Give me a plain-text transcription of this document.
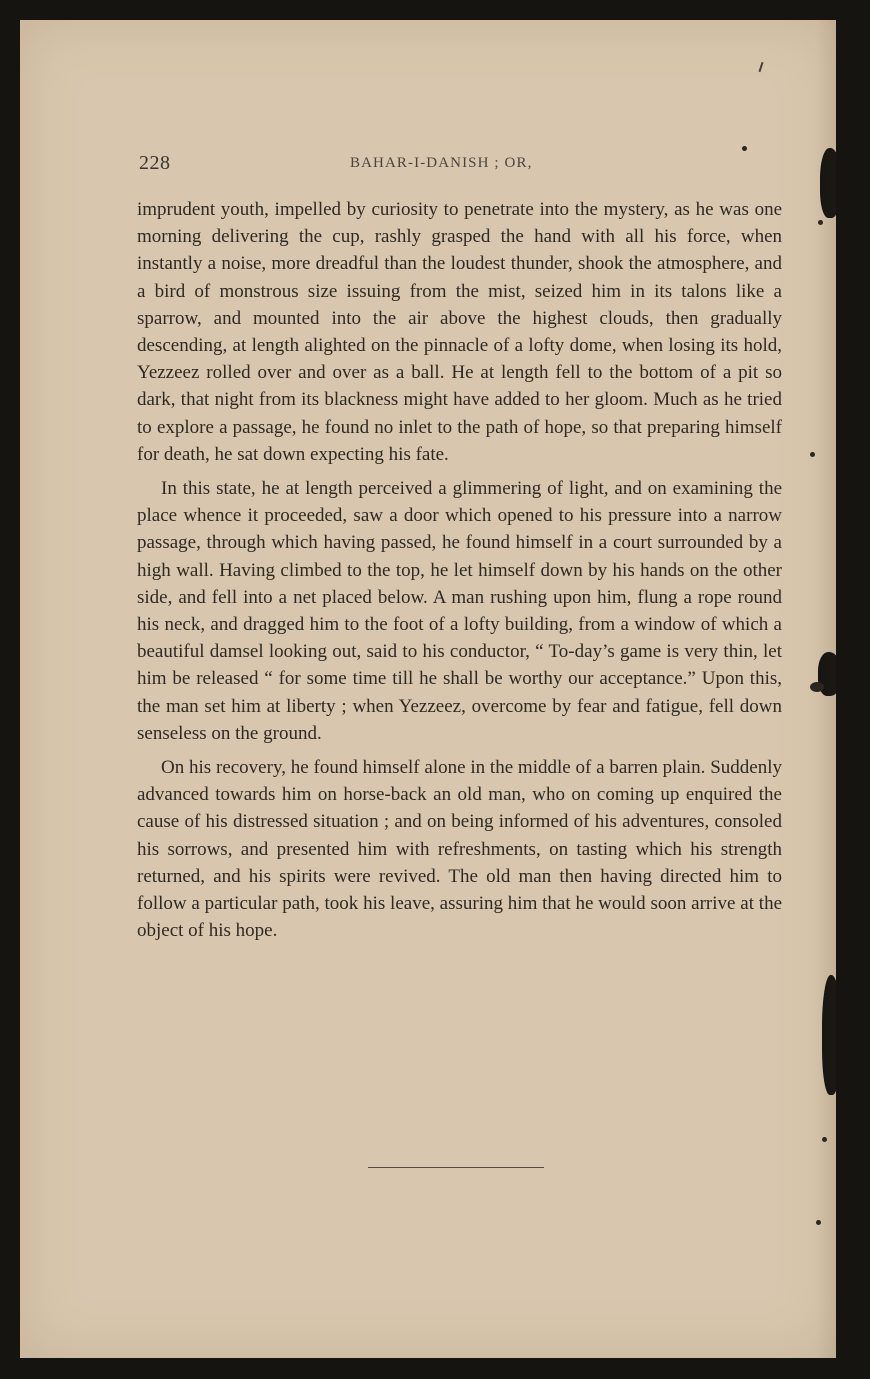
228	BAHAR-I-DANISH ; OR,

imprudent youth, impelled by curiosity to penetrate into the mystery, as he was one morning delivering the cup, rashly grasped the hand with all his force, when instantly a noise, more dreadful than the loudest thunder, shook the atmosphere, and a bird of monstrous size issuing from the mist, seized him in its talons like a sparrow, and mounted into the air above the highest clouds, then gradually descending, at length alighted on the pinnacle of a lofty dome, when losing its hold, Yezzeez rolled over and over as a ball. He at length fell to the bottom of a pit so dark, that night from its blackness might have added to her gloom. Much as he tried to explore a passage, he found no inlet to the path of hope, so that preparing himself for death, he sat down expecting his fate.

In this state, he at length perceived a glimmering of light, and on examining the place whence it proceeded, saw a door which opened to his pressure into a narrow passage, through which having passed, he found himself in a court surrounded by a high wall. Having climbed to the top, he let himself down by his hands on the other side, and fell into a net placed below. A man rushing upon him, flung a rope round his neck, and dragged him to the foot of a lofty building, from a window of which a beautiful damsel looking out, said to his conductor, “ To-day’s game is very thin, let him be released “ for some time till he shall be worthy our acceptance.” Upon this, the man set him at liberty ; when Yezzeez, overcome by fear and fatigue, fell down senseless on the ground.

On his recovery, he found himself alone in the middle of a barren plain. Suddenly advanced towards him on horse-back an old man, who on coming up enquired the cause of his distressed situation ; and on being informed of his adventures, consoled his sorrows, and presented him with refreshments, on tasting which his strength returned, and his spirits were revived. The old man then having directed him to follow a particular path, took his leave, assuring him that he would soon arrive at the object of his hope.
